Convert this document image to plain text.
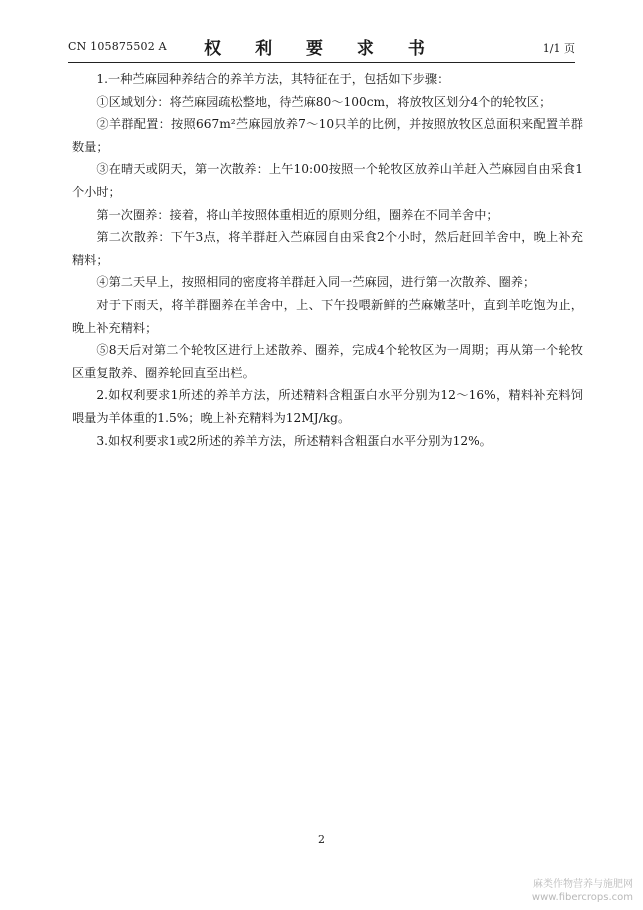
CN 105875502 A 权 利 要 求 书	1/1 页

1.一种苎麻园种养结合的养羊方法，其特征在于，包括如下步骤：

①区域划分：将苎麻园疏松整地，待苎麻80～100cm，将放牧区划分4个的轮牧区；

②羊群配置：按照667m²苎麻园放养7～10只羊的比例，并按照放牧区总面积来配置羊群数量；

③在晴天或阴天，第一次散养：上午10:00按照一个轮牧区放养山羊赶入苎麻园自由采食1个小时；

第一次圈养：接着，将山羊按照体重相近的原则分组，圈养在不同羊舍中；

第二次散养：下午3点，将羊群赶入苎麻园自由采食2个小时，然后赶回羊舍中，晚上补充精料；

④第二天早上，按照相同的密度将羊群赶入同一苎麻园，进行第一次散养、圈养；

对于下雨天，将羊群圈养在羊舍中，上、下午投喂新鲜的苎麻嫩茎叶，直到羊吃饱为止，晚上补充精料；

⑤8天后对第二个轮牧区进行上述散养、圈养，完成4个轮牧区为一周期；再从第一个轮牧区重复散养、圈养轮回直至出栏。

2.如权利要求1所述的养羊方法，所述精料含粗蛋白水平分别为12～16%，精料补充料饲喂量为羊体重的1.5%；晚上补充精料为12MJ/kg。

3.如权利要求1或2所述的养羊方法，所述精料含粗蛋白水平分别为12%。

2
麻类作物营养与施肥网
www.fibercrops.com
